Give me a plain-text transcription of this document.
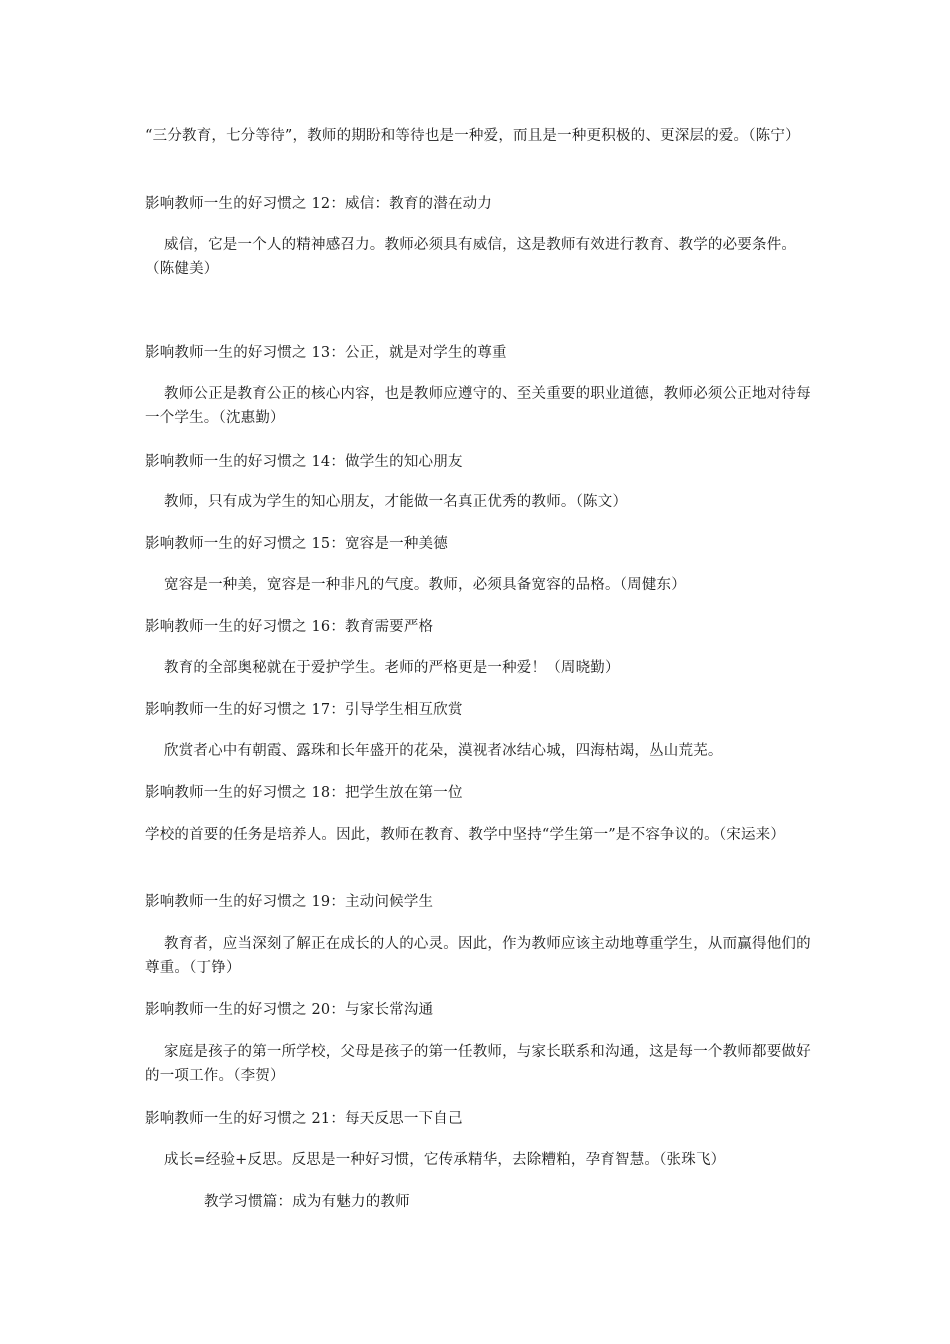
“三分教育，七分等待”，教师的期盼和等待也是一种爱，而且是一种更积极的、更深层的爱。（陈宁）

影响教师一生的好习惯之 12：威信：教育的潜在动力

威信，它是一个人的精神感召力。教师必须具有威信，这是教师有效进行教育、教学的必要条件。（陈健美）

影响教师一生的好习惯之 13：公正，就是对学生的尊重

教师公正是教育公正的核心内容，也是教师应遵守的、至关重要的职业道德，教师必须公正地对待每一个学生。（沈惠勤）

影响教师一生的好习惯之 14：做学生的知心朋友

教师，只有成为学生的知心朋友，才能做一名真正优秀的教师。（陈文）

影响教师一生的好习惯之 15：宽容是一种美德

宽容是一种美，宽容是一种非凡的气度。教师，必须具备宽容的品格。（周健东）

影响教师一生的好习惯之 16：教育需要严格

教育的全部奥秘就在于爱护学生。老师的严格更是一种爱！（周晓勤）

影响教师一生的好习惯之 17：引导学生相互欣赏

欣赏者心中有朝霞、露珠和长年盛开的花朵，漠视者冰结心城，四海枯竭，丛山荒芜。

影响教师一生的好习惯之 18：把学生放在第一位

学校的首要的任务是培养人。因此，教师在教育、教学中坚持“学生第一”是不容争议的。（宋运来）

影响教师一生的好习惯之 19：主动问候学生

教育者，应当深刻了解正在成长的人的心灵。因此，作为教师应该主动地尊重学生，从而赢得他们的尊重。（丁铮）

影响教师一生的好习惯之 20：与家长常沟通

家庭是孩子的第一所学校，父母是孩子的第一任教师，与家长联系和沟通，这是每一个教师都要做好的一项工作。（李贺）

影响教师一生的好习惯之 21：每天反思一下自己

成长=经验+反思。反思是一种好习惯，它传承精华，去除糟粕，孕育智慧。（张珠飞）

教学习惯篇：成为有魅力的教师
